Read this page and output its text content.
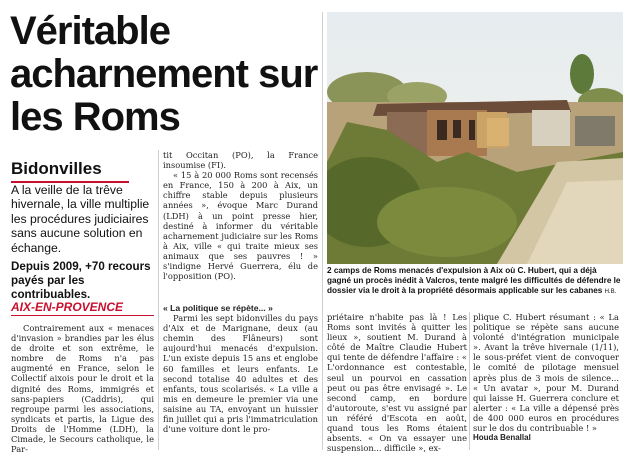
Véritable acharnement sur les Roms

2 camps de Roms menacés d'expulsion à Aix où C. Hubert, qui a déjà gagné un procès inédit à Valcros, tente malgré les difficultés de défendre le dossier via le droit à la propriété désormais applicable sur les cabanes H.B.

Bidonvilles

A la veille de la trêve hivernale, la ville multiplie les procédures judiciaires sans aucune solution en échange.

Depuis 2009, +70 recours payés par les contribuables.

AIX-EN-PROVENCE

Contrairement aux « menaces d'invasion » brandies par les élus de droite et son extrême, le nombre de Roms n'a pas augmenté en France, selon le Collectif aixois pour le droit et la dignité des Roms, immigrés et sans-papiers (Caddris), qui regroupe parmi les associations, syndicats et partis, la Ligue des Droits de l'Homme (LDH), la Cimade, le Secours catholique, le Par-

tit Occitan (PO), la France insoumise (FI).

« 15 à 20 000 Roms sont recensés en France, 150 à 200 à Aix, un chiffre stable depuis plusieurs années », évoque Marc Durand (LDH) à un point presse hier, destiné à informer du véritable acharnement judiciaire sur les Roms à Aix, ville « qui traite mieux ses animaux que ses pauvres ! » s'indigne Hervé Guerrera, élu de l'opposition (PO).

« La politique se répète... »

Parmi les sept bidonvilles du pays d'Aix et de Marignane, deux (au chemin des Flâneurs) sont aujourd'hui menacés d'expulsion. L'un existe depuis 15 ans et englobe 60 familles et leurs enfants. Le second totalise 40 adultes et des enfants, tous scolarisés. « La ville a mis en demeure le premier via une saisine au TA, envoyant un huissier fin juillet qui a pris l'immatriculation d'une voiture dont le pro-

priétaire n'habite pas là ! Les Roms sont invités à quitter les lieux », soutient M. Durand à côté de Maître Claudie Hubert qui tente de défendre l'affaire : « L'ordonnance est contestable, seul un pourvoi en cassation peut ou pas être envisagé ». Le second camp, en bordure d'autoroute, s'est vu assigné par un référé d'Escota en août, quand tous les Roms étaient absents. « On va essayer une suspension... difficile », ex-

plique C. Hubert résumant : « La politique se répète sans aucune volonté d'intégration municipale ». Avant la trêve hivernale (1/11), le sous-préfet vient de convoquer le comité de pilotage mensuel après plus de 3 mois de silence... « Un avatar », pour M. Durand qui laisse H. Guerrera conclure et alerter : « La ville a dépensé près de 400 000 euros en procédures sur le dos du contribuable ! »

Houda Benallal
